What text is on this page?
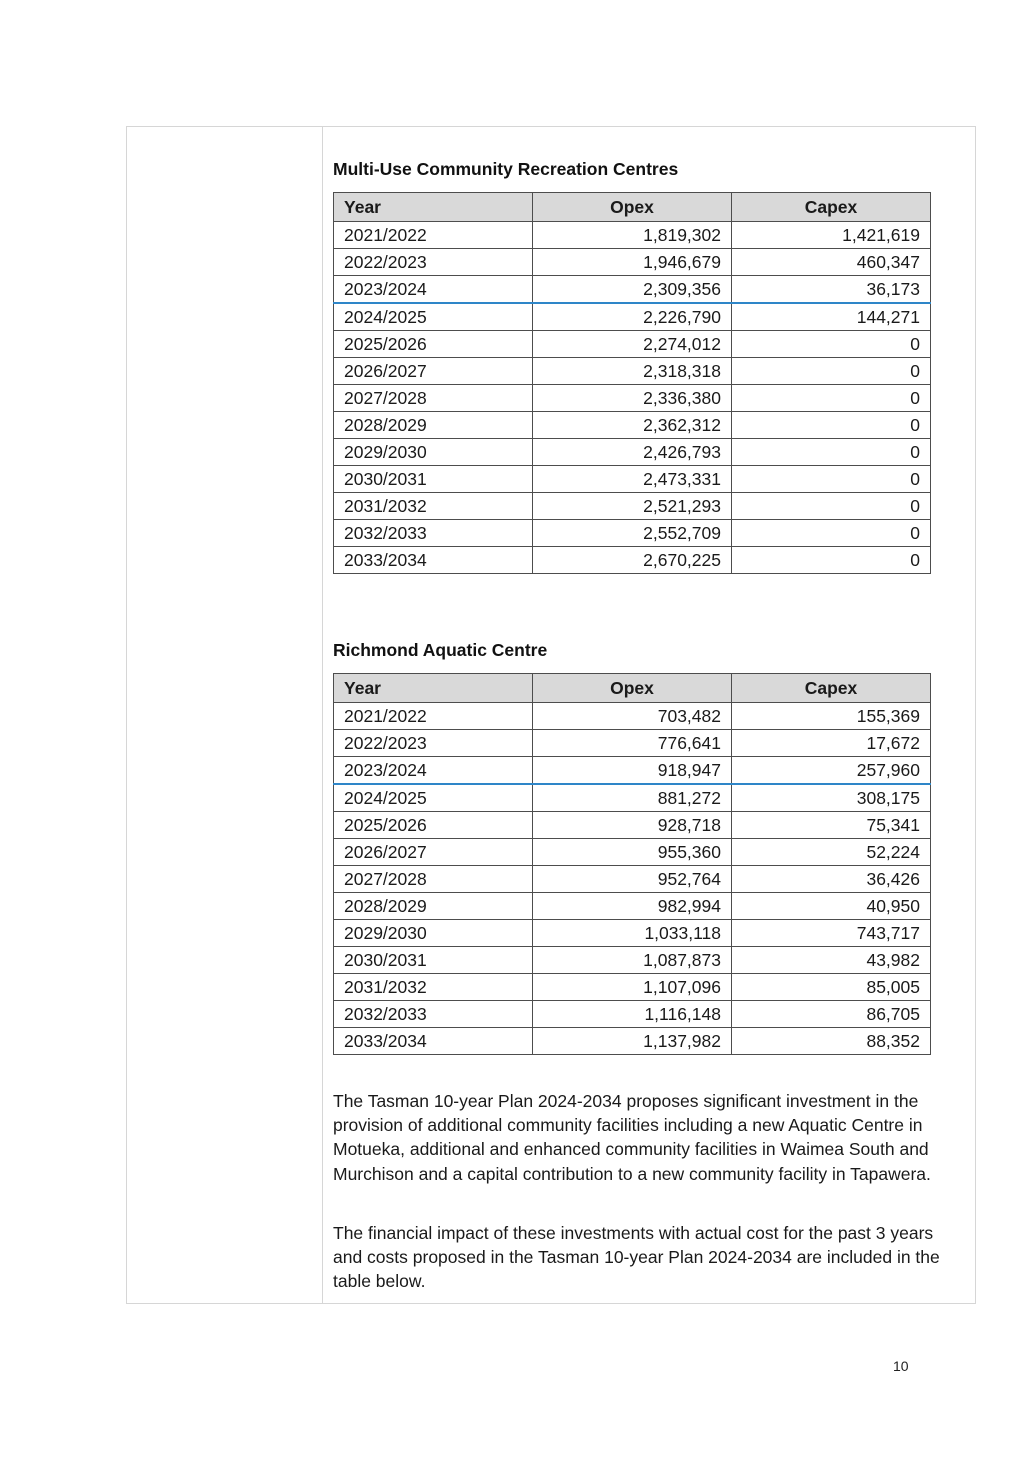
Multi-Use Community Recreation Centres
Year	Opex	Capex
2021/2022	1,819,302	1,421,619
2022/2023	1,946,679	460,347
2023/2024	2,309,356	36,173
2024/2025	2,226,790	144,271
2025/2026	2,274,012	0
2026/2027	2,318,318	0
2027/2028	2,336,380	0
2028/2029	2,362,312	0
2029/2030	2,426,793	0
2030/2031	2,473,331	0
2031/2032	2,521,293	0
2032/2033	2,552,709	0
2033/2034	2,670,225	0
Richmond Aquatic Centre
Year	Opex	Capex
2021/2022	703,482	155,369
2022/2023	776,641	17,672
2023/2024	918,947	257,960
2024/2025	881,272	308,175
2025/2026	928,718	75,341
2026/2027	955,360	52,224
2027/2028	952,764	36,426
2028/2029	982,994	40,950
2029/2030	1,033,118	743,717
2030/2031	1,087,873	43,982
2031/2032	1,107,096	85,005
2032/2033	1,116,148	86,705
2033/2034	1,137,982	88,352

The Tasman 10-year Plan 2024-2034 proposes significant investment in the provision of additional community facilities including a new Aquatic Centre in Motueka, additional and enhanced community facilities in Waimea South and Murchison and a capital contribution to a new community facility in Tapawera.

The financial impact of these investments with actual cost for the past 3 years and costs proposed in the Tasman 10-year Plan 2024-2034 are included in the table below.

10
